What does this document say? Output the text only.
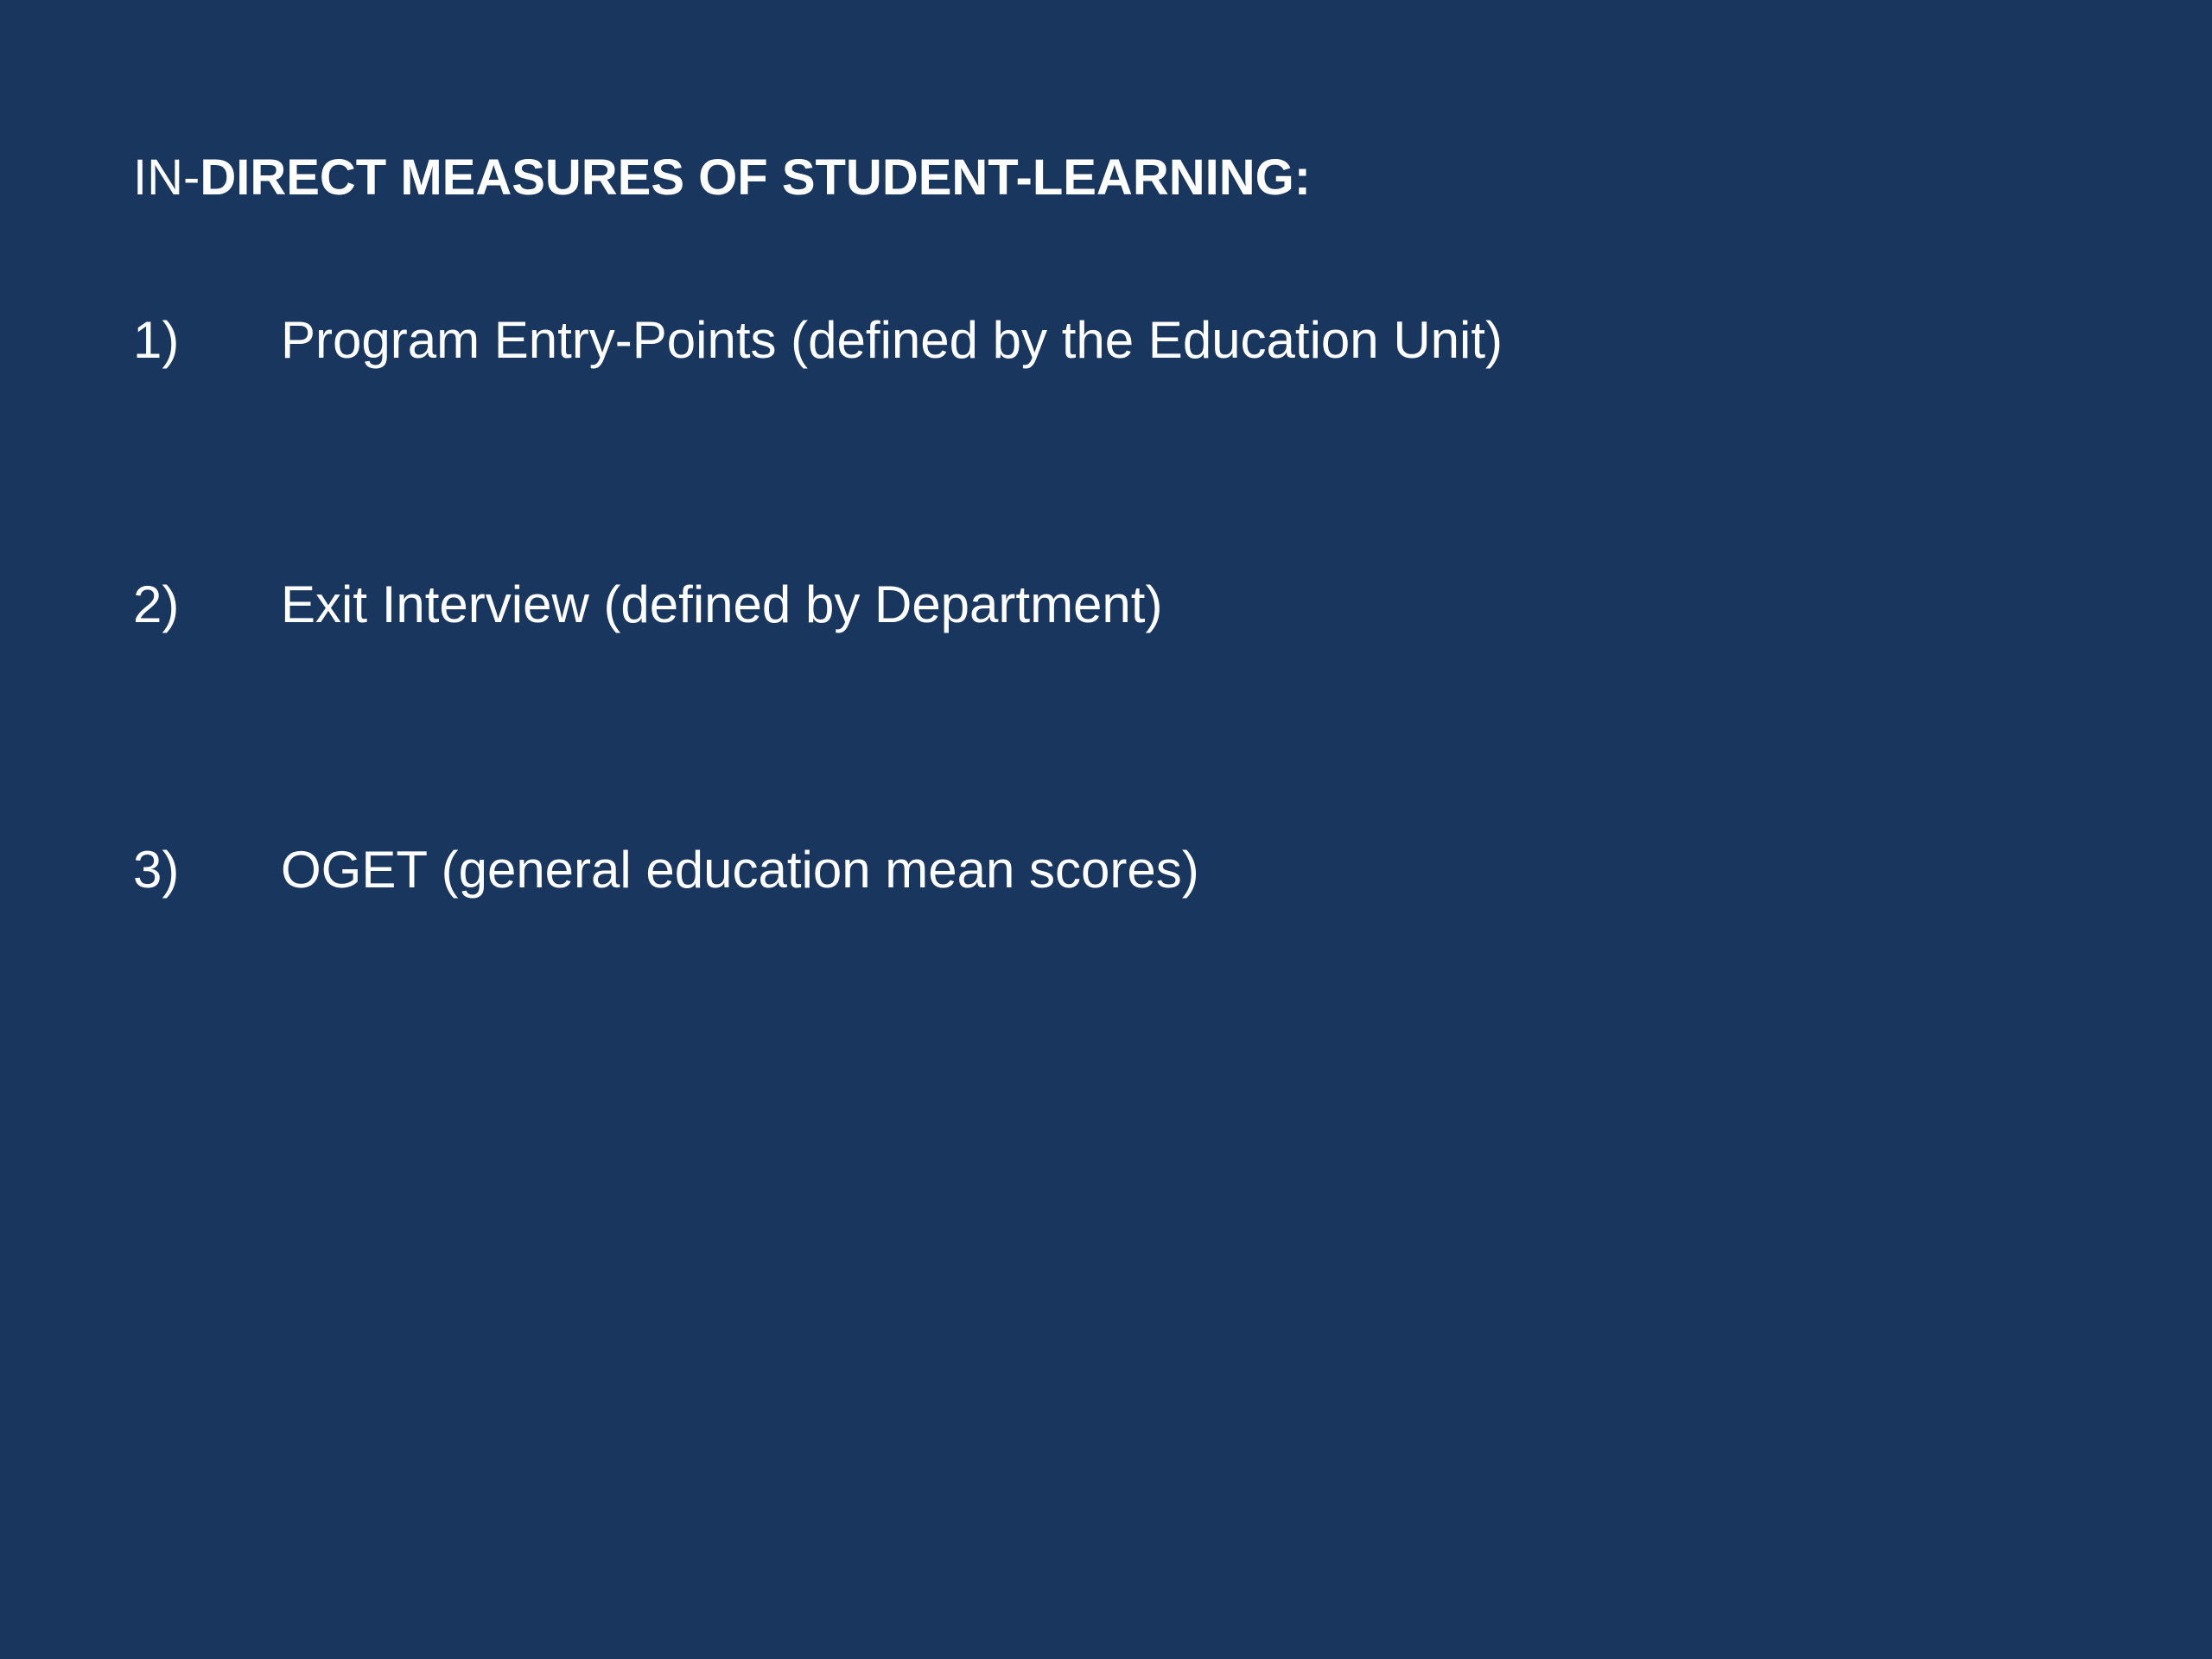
IN-DIRECT MEASURES OF STUDENT-LEARNING:
1) Program Entry-Points (defined by the Education Unit)
2) Exit Interview (defined by Department)
3) OGET (general education mean scores)
